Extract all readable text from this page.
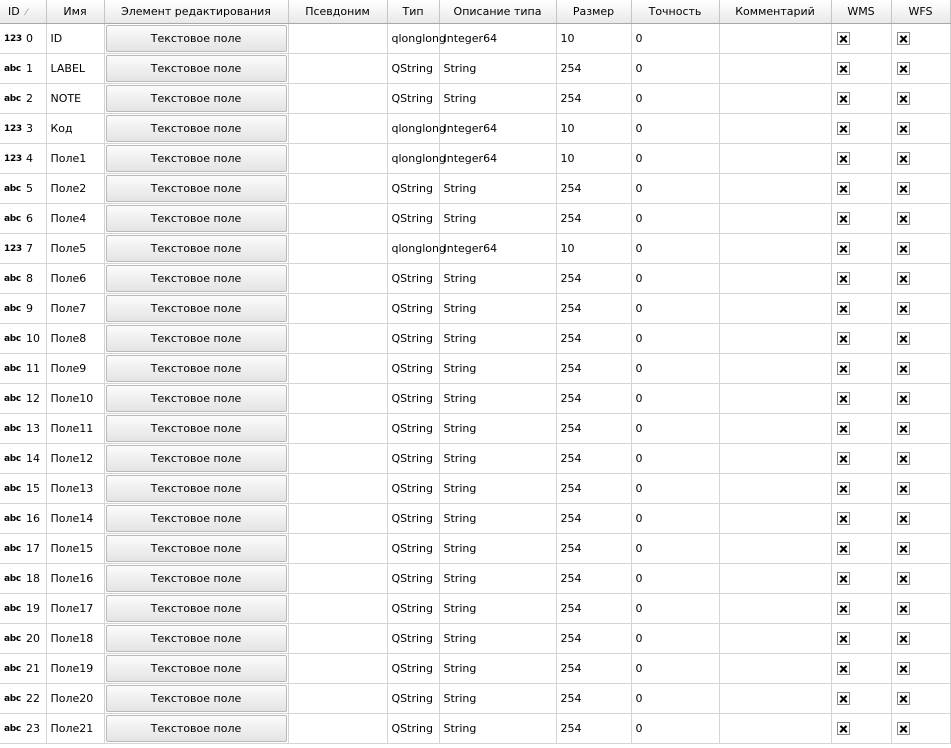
ID ⁄	Имя	Элемент редактирования	Псевдоним	Тип	Описание типа	Размер	Точность	Комментарий	WMS	WFS
123 0	ID	Текстовое поле		qlonglong	Integer64	10	0			
abc 1	LABEL	Текстовое поле		QString	String	254	0			
abc 2	NOTE	Текстовое поле		QString	String	254	0			
123 3	Код	Текстовое поле		qlonglong	Integer64	10	0			
123 4	Поле1	Текстовое поле		qlonglong	Integer64	10	0			
abc 5	Поле2	Текстовое поле		QString	String	254	0			
abc 6	Поле4	Текстовое поле		QString	String	254	0			
123 7	Поле5	Текстовое поле		qlonglong	Integer64	10	0			
abc 8	Поле6	Текстовое поле		QString	String	254	0			
abc 9	Поле7	Текстовое поле		QString	String	254	0			
abc 10	Поле8	Текстовое поле		QString	String	254	0			
abc 11	Поле9	Текстовое поле		QString	String	254	0			
abc 12	Поле10	Текстовое поле		QString	String	254	0			
abc 13	Поле11	Текстовое поле		QString	String	254	0			
abc 14	Поле12	Текстовое поле		QString	String	254	0			
abc 15	Поле13	Текстовое поле		QString	String	254	0			
abc 16	Поле14	Текстовое поле		QString	String	254	0			
abc 17	Поле15	Текстовое поле		QString	String	254	0			
abc 18	Поле16	Текстовое поле		QString	String	254	0			
abc 19	Поле17	Текстовое поле		QString	String	254	0			
abc 20	Поле18	Текстовое поле		QString	String	254	0			
abc 21	Поле19	Текстовое поле		QString	String	254	0			
abc 22	Поле20	Текстовое поле		QString	String	254	0			
abc 23	Поле21	Текстовое поле		QString	String	254	0			
